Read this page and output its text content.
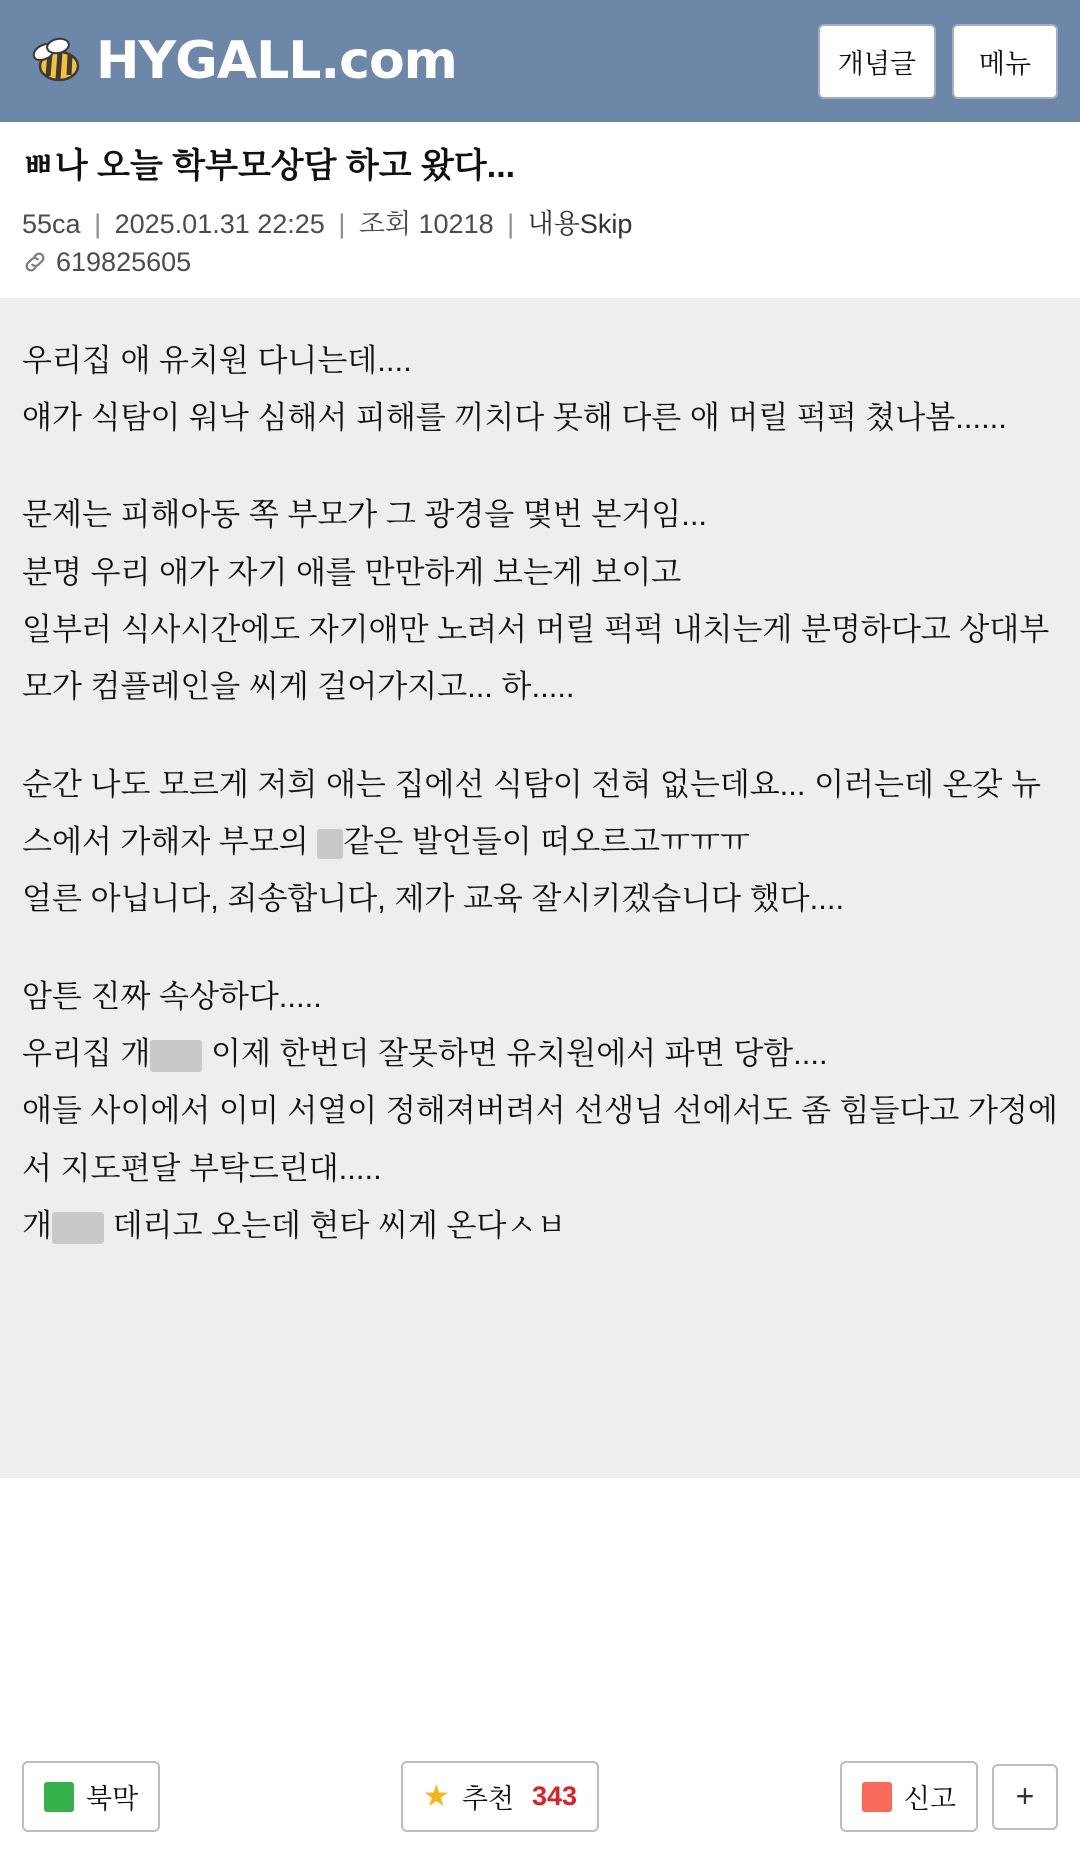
HYGALL.com	개념글	메뉴
ㅃ나 오늘 학부모상담 하고 왔다...
55ca | 2025.01.31 22:25 | 조회 10218 | 내용Skip
619825605

우리집 애 유치원 다니는데....

얘가 식탐이 워낙 심해서 피해를 끼치다 못해 다른 애 머릴 퍽퍽 쳤나봄......

문제는 피해아동 쪽 부모가 그 광경을 몇번 본거임...

분명 우리 애가 자기 애를 만만하게 보는게 보이고

일부러 식사시간에도 자기애만 노려서 머릴 퍽퍽 내치는게 분명하다고 상대부모가 컴플레인을 씨게 걸어가지고... 하.....

순간 나도 모르게 저희 애는 집에선 식탐이 전혀 없는데요... 이러는데 온갖 뉴스에서 가해자 부모의 같은 발언들이 떠오르고ㅠㅠㅠ

얼른 아닙니다, 죄송합니다, 제가 교육 잘시키겠습니다 했다....

암튼 진짜 속상하다.....

우리집 개 이제 한번더 잘못하면 유치원에서 파면 당함....

애들 사이에서 이미 서열이 정해져버려서 선생님 선에서도 좀 힘들다고 가정에서 지도편달 부탁드린대.....

개 데리고 오는데 현타 씨게 온다ㅅㅂ

북막	★ 추천 343	신고	+
